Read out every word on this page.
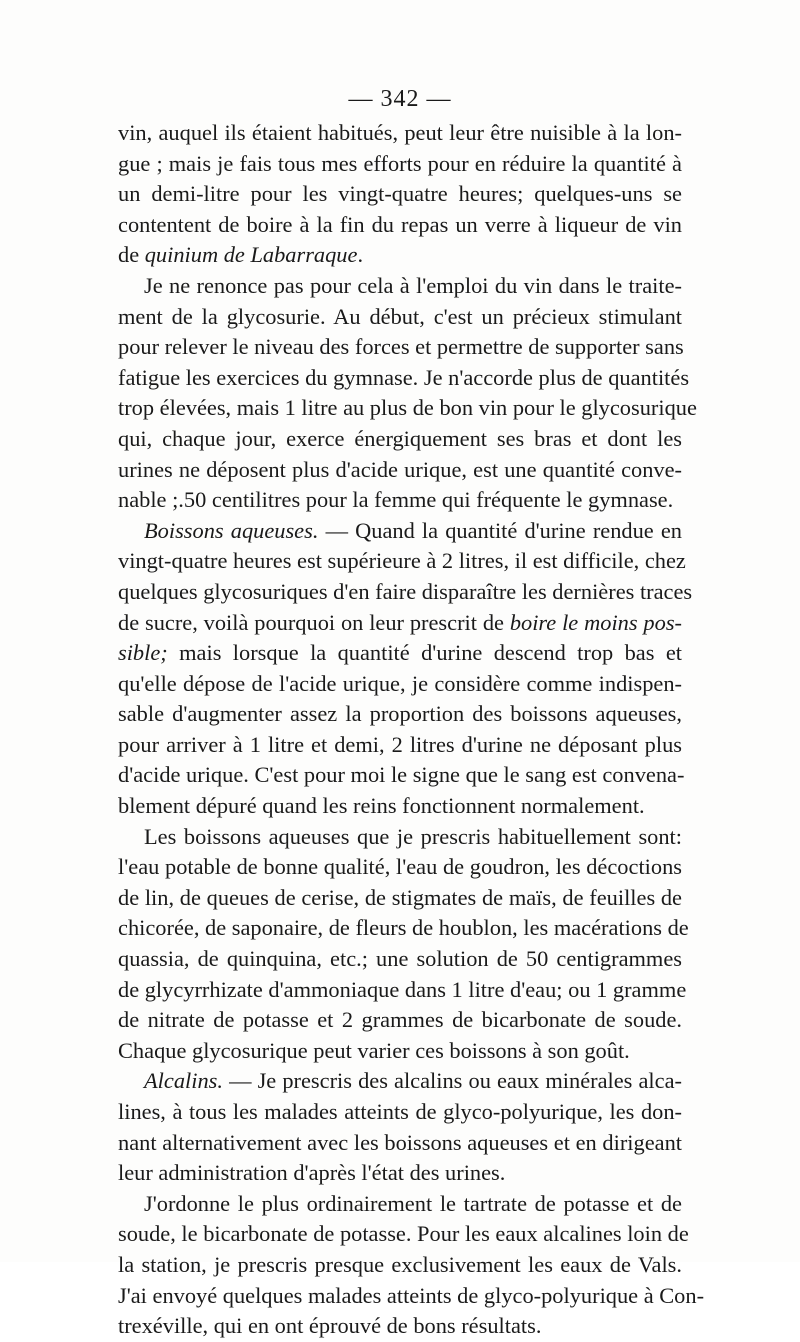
— 342 —
vin, auquel ils étaient habitués, peut leur être nuisible à la lon-
gue ; mais je fais tous mes efforts pour en réduire la quantité à
un demi-litre pour les vingt-quatre heures; quelques-uns se
contentent de boire à la fin du repas un verre à liqueur de vin
de quinium de Labarraque.
Je ne renonce pas pour cela à l'emploi du vin dans le traite-
ment de la glycosurie. Au début, c'est un précieux stimulant
pour relever le niveau des forces et permettre de supporter sans
fatigue les exercices du gymnase. Je n'accorde plus de quantités
trop élevées, mais 1 litre au plus de bon vin pour le glycosurique
qui, chaque jour, exerce énergiquement ses bras et dont les
urines ne déposent plus d'acide urique, est une quantité conve-
nable ;.50 centilitres pour la femme qui fréquente le gymnase.
Boissons aqueuses. — Quand la quantité d'urine rendue en
vingt-quatre heures est supérieure à 2 litres, il est difficile, chez
quelques glycosuriques d'en faire disparaître les dernières traces
de sucre, voilà pourquoi on leur prescrit de boire le moins pos-
sible; mais lorsque la quantité d'urine descend trop bas et
qu'elle dépose de l'acide urique, je considère comme indispen-
sable d'augmenter assez la proportion des boissons aqueuses,
pour arriver à 1 litre et demi, 2 litres d'urine ne déposant plus
d'acide urique. C'est pour moi le signe que le sang est convena-
blement dépuré quand les reins fonctionnent normalement.
Les boissons aqueuses que je prescris habituellement sont:
l'eau potable de bonne qualité, l'eau de goudron, les décoctions
de lin, de queues de cerise, de stigmates de maïs, de feuilles de
chicorée, de saponaire, de fleurs de houblon, les macérations de
quassia, de quinquina, etc.; une solution de 50 centigrammes
de glycyrrhizate d'ammoniaque dans 1 litre d'eau; ou 1 gramme
de nitrate de potasse et 2 grammes de bicarbonate de soude.
Chaque glycosurique peut varier ces boissons à son goût.
Alcalins. — Je prescris des alcalins ou eaux minérales alca-
lines, à tous les malades atteints de glyco-polyurique, les don-
nant alternativement avec les boissons aqueuses et en dirigeant
leur administration d'après l'état des urines.
J'ordonne le plus ordinairement le tartrate de potasse et de
soude, le bicarbonate de potasse. Pour les eaux alcalines loin de
la station, je prescris presque exclusivement les eaux de Vals.
J'ai envoyé quelques malades atteints de glyco-polyurique à Con-
trexéville, qui en ont éprouvé de bons résultats.
